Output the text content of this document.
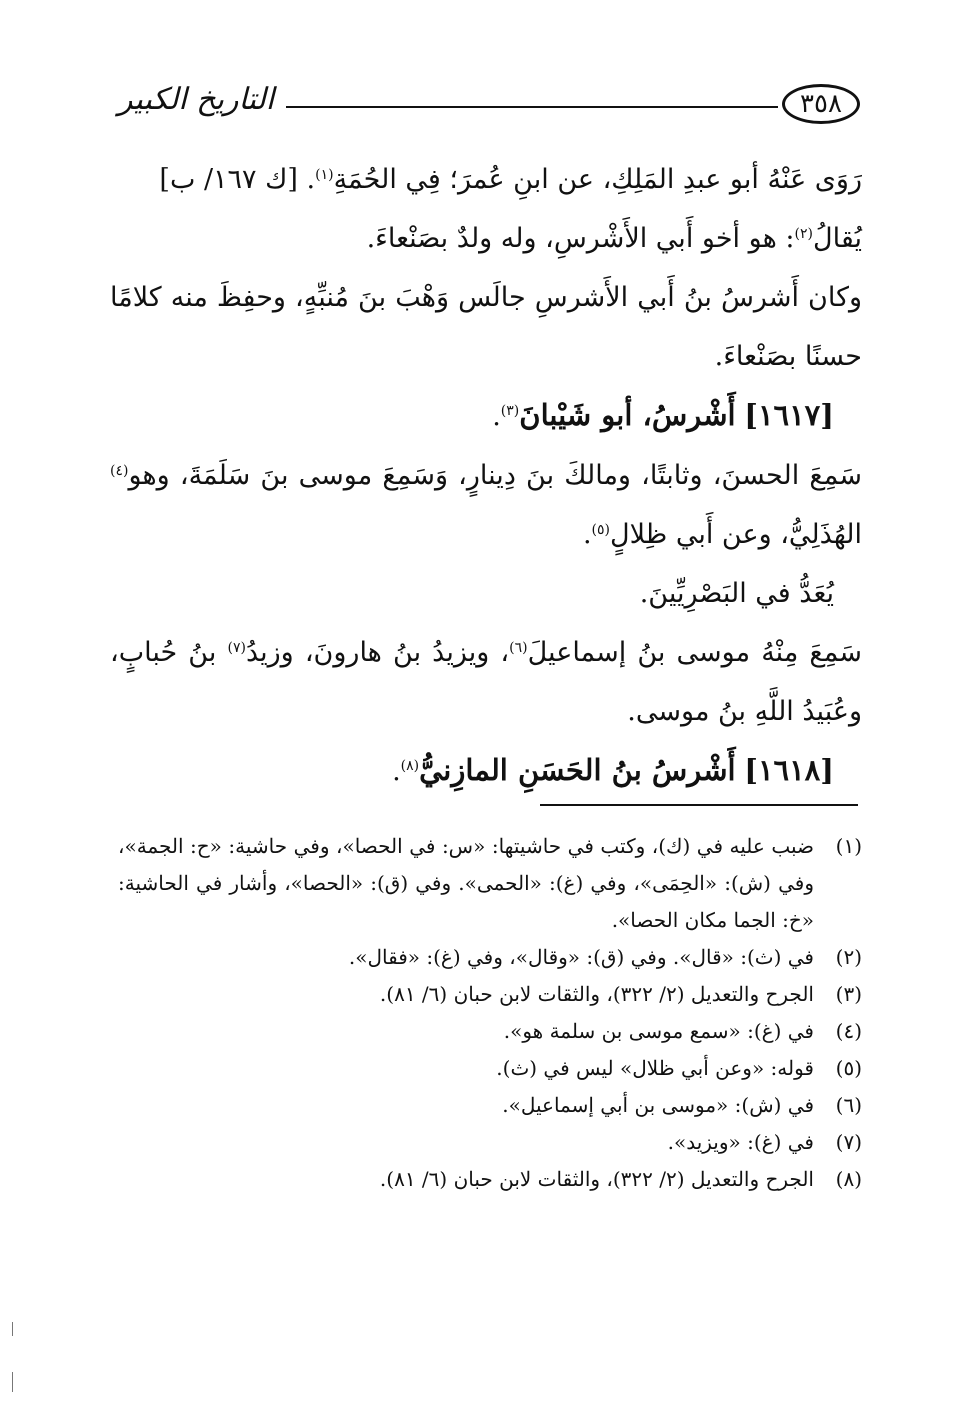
التاريخ الكبير	٣٥٨

رَوَى عَنْهُ أبو عبدِ المَلِكِ، عن ابنِ عُمرَ؛ فِي الحُمَةِ$^{(١)}$. [ك ١٦٧/ ب]

يُقالُ$^{(٢)}$: هو أخو أَبي الأَشْرسِ، وله ولدٌ بصَنْعاءَ.

وكان أَشرسُ بنُ أَبي الأَشرسِ جالَس وَهْبَ بنَ مُنبِّهٍ، وحفِظَ منه كلامًا حسنًا بصَنْعاءَ.

[١٦١٧] أَشْرسُ، أبو شَيْبانَ$^{(٣)}$.

سَمِعَ الحسنَ، وثابتًا، ومالكَ بنَ دِينارٍ، وَسَمِعَ موسى بنَ سَلَمَةَ، وهو$^{(٤)}$ الهُذَلِيُّ، وعن أَبي ظِلالٍ$^{(٥)}$.

يُعَدُّ في البَصْرِيِّينَ.

سَمِعَ مِنْهُ موسى بنُ إسماعيلَ$^{(٦)}$، ويزيدُ بنُ هارونَ، وزيدُ$^{(٧)}$ بنُ حُبابٍ، وعُبَيدُ اللَّهِ بنُ موسى.

[١٦١٨] أَشْرسُ بنُ الحَسَنِ المازِنيُّ$^{(٨)}$.

(١)
ضبب عليه في (ك)، وكتب في حاشيتها: «س: في الحصا»، وفي حاشية: «ح: الجمة»، وفي (ش): «الحِمَى»، وفي (غ): «الحمى». وفي (ق): «الحصا»، وأشار في الحاشية: «خ: الجما مكان الحصا».
(٢)
في (ث): «قال». وفي (ق): «وقال»، وفي (غ): «فقال».
(٣)
الجرح والتعديل (٢/ ٣٢٢)، والثقات لابن حبان (٦/ ٨١).
(٤)
في (غ): «سمع موسى بن سلمة هو».
(٥)
قوله: «وعن أبي ظلال» ليس في (ث).
(٦)
في (ش): «موسى بن أبي إسماعيل».
(٧)
في (غ): «ويزيد».
(٨)
الجرح والتعديل (٢/ ٣٢٢)، والثقات لابن حبان (٦/ ٨١).
